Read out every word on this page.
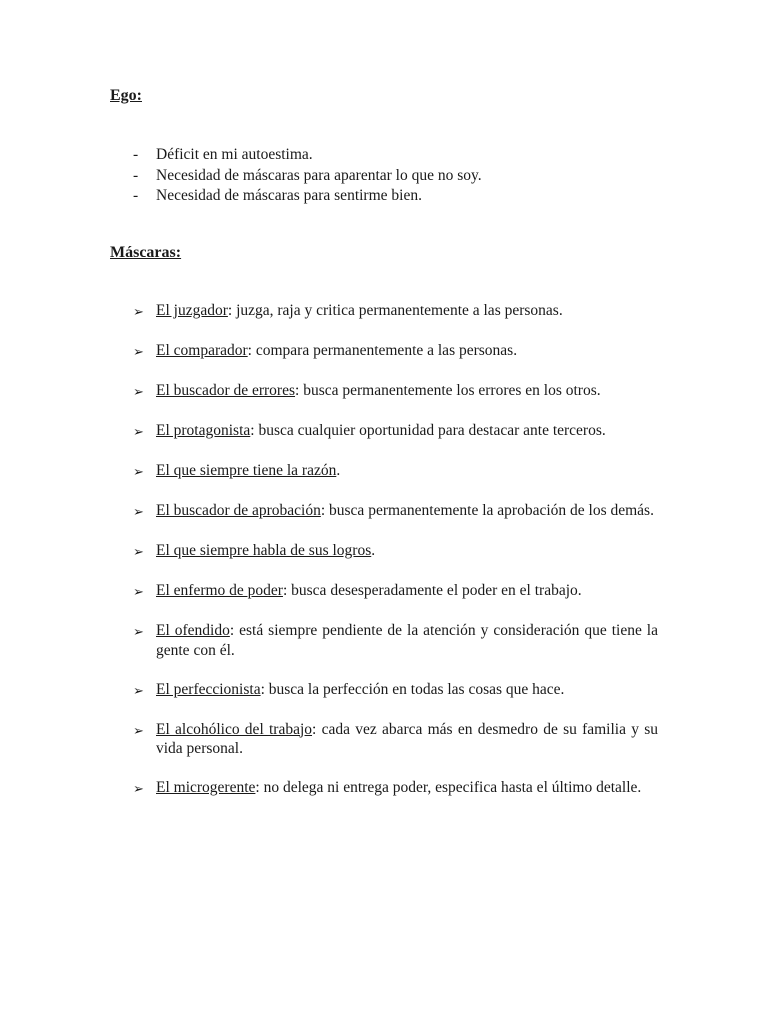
Ego:
-	Déficit en mi autoestima.
-	Necesidad de máscaras para aparentar lo que no soy.
-	Necesidad de máscaras para sentirme bien.
Máscaras:
➢ El juzgador: juzga, raja y critica permanentemente a las personas.
➢ El comparador: compara permanentemente a las personas.
➢ El buscador de errores: busca permanentemente los errores en los otros.
➢ El protagonista: busca cualquier oportunidad para destacar ante terceros.
➢ El que siempre tiene la razón.
➢ El buscador de aprobación: busca permanentemente la aprobación de los demás.
➢ El que siempre habla de sus logros.
➢ El enfermo de poder: busca desesperadamente el poder en el trabajo.
➢ El ofendido: está siempre pendiente de la atención y consideración que tiene la gente con él.
➢ El perfeccionista: busca la perfección en todas las cosas que hace.
➢ El alcohólico del trabajo: cada vez abarca más en desmedro de su familia y su vida personal.
➢ El microgerente: no delega ni entrega poder, especifica hasta el último detalle.
